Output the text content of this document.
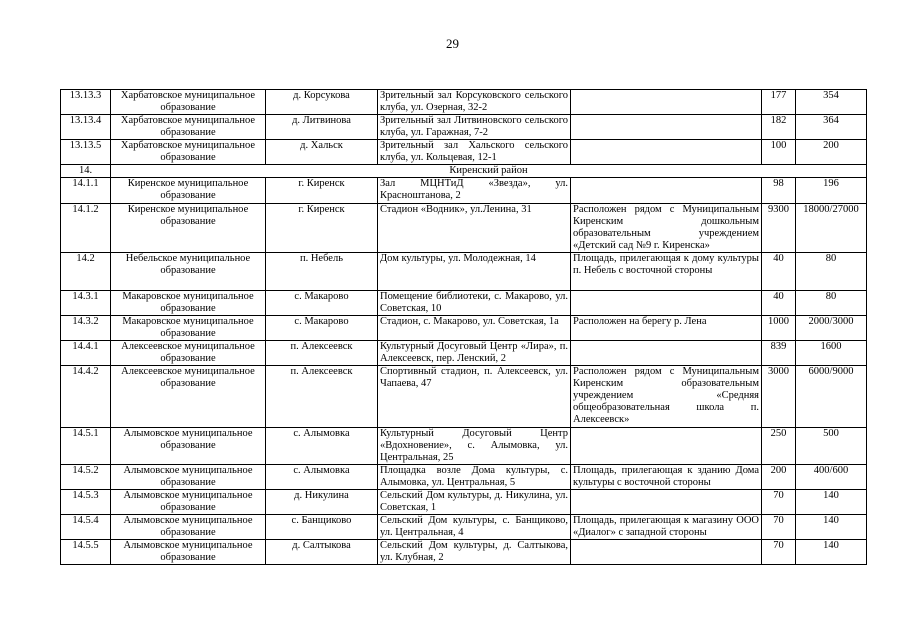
29
13.13.3	Харбатовское муниципальное образование	д. Корсукова	Зрительный зал Корсуковского сельского клуба, ул. Озерная, 32-2		177	354
13.13.4	Харбатовское муниципальное образование	д. Литвинова	Зрительный зал Литвиновского сельского клуба, ул. Гаражная, 7-2		182	364
13.13.5	Харбатовское муниципальное образование	д. Хальск	Зрительный зал Хальского сельского клуба, ул. Кольцевая, 12-1		100	200
14.	Киренский район					
14.1.1	Киренское муниципальное образование	г. Киренск	Зал МЦНТиД «Звезда», ул. Красноштанова, 2		98	196
14.1.2	Киренское муниципальное образование	г. Киренск	Стадион «Водник», ул.Ленина, 31	Расположен рядом с Муниципальным Киренским дошкольным образовательным учреждением «Детский сад №9 г. Киренска»	9300	18000/27000
14.2	Небельское муниципальное образование	п. Небель	Дом культуры, ул. Молодежная, 14	Площадь, прилегающая к дому культуры п. Небель с восточной стороны	40	80
14.3.1	Макаровское муниципальное образование	с. Макарово	Помещение библиотеки, с. Макарово, ул. Советская, 10		40	80
14.3.2	Макаровское муниципальное образование	с. Макарово	Стадион, с. Макарово, ул. Советская, 1а	Расположен на берегу р. Лена	1000	2000/3000
14.4.1	Алексеевское муниципальное образование	п. Алексеевск	Культурный Досуговый Центр «Лира», п. Алексеевск, пер. Ленский, 2		839	1600
14.4.2	Алексеевское муниципальное образование	п. Алексеевск	Спортивный стадион, п. Алексеевск, ул. Чапаева, 47	Расположен рядом с Муниципальным Киренским образовательным учреждением «Средняя общеобразовательная школа п. Алексеевск»	3000	6000/9000
14.5.1	Алымовское муниципальное образование	с. Алымовка	Культурный Досуговый Центр «Вдохновение», с. Алымовка, ул. Центральная, 25		250	500
14.5.2	Алымовское муниципальное образование	с. Алымовка	Площадка возле Дома культуры, с. Алымовка, ул. Центральная, 5	Площадь, прилегающая к зданию Дома культуры с восточной стороны	200	400/600
14.5.3	Алымовское муниципальное образование	д. Никулина	Сельский Дом культуры, д. Никулина, ул. Советская, 1		70	140
14.5.4	Алымовское муниципальное образование	с. Банщиково	Сельский Дом культуры, с. Банщиково, ул. Центральная, 4	Площадь, прилегающая к магазину ООО «Диалог» с западной стороны	70	140
14.5.5	Алымовское муниципальное образование	д. Салтыкова	Сельский Дом культуры, д. Салтыкова, ул. Клубная, 2		70	140
